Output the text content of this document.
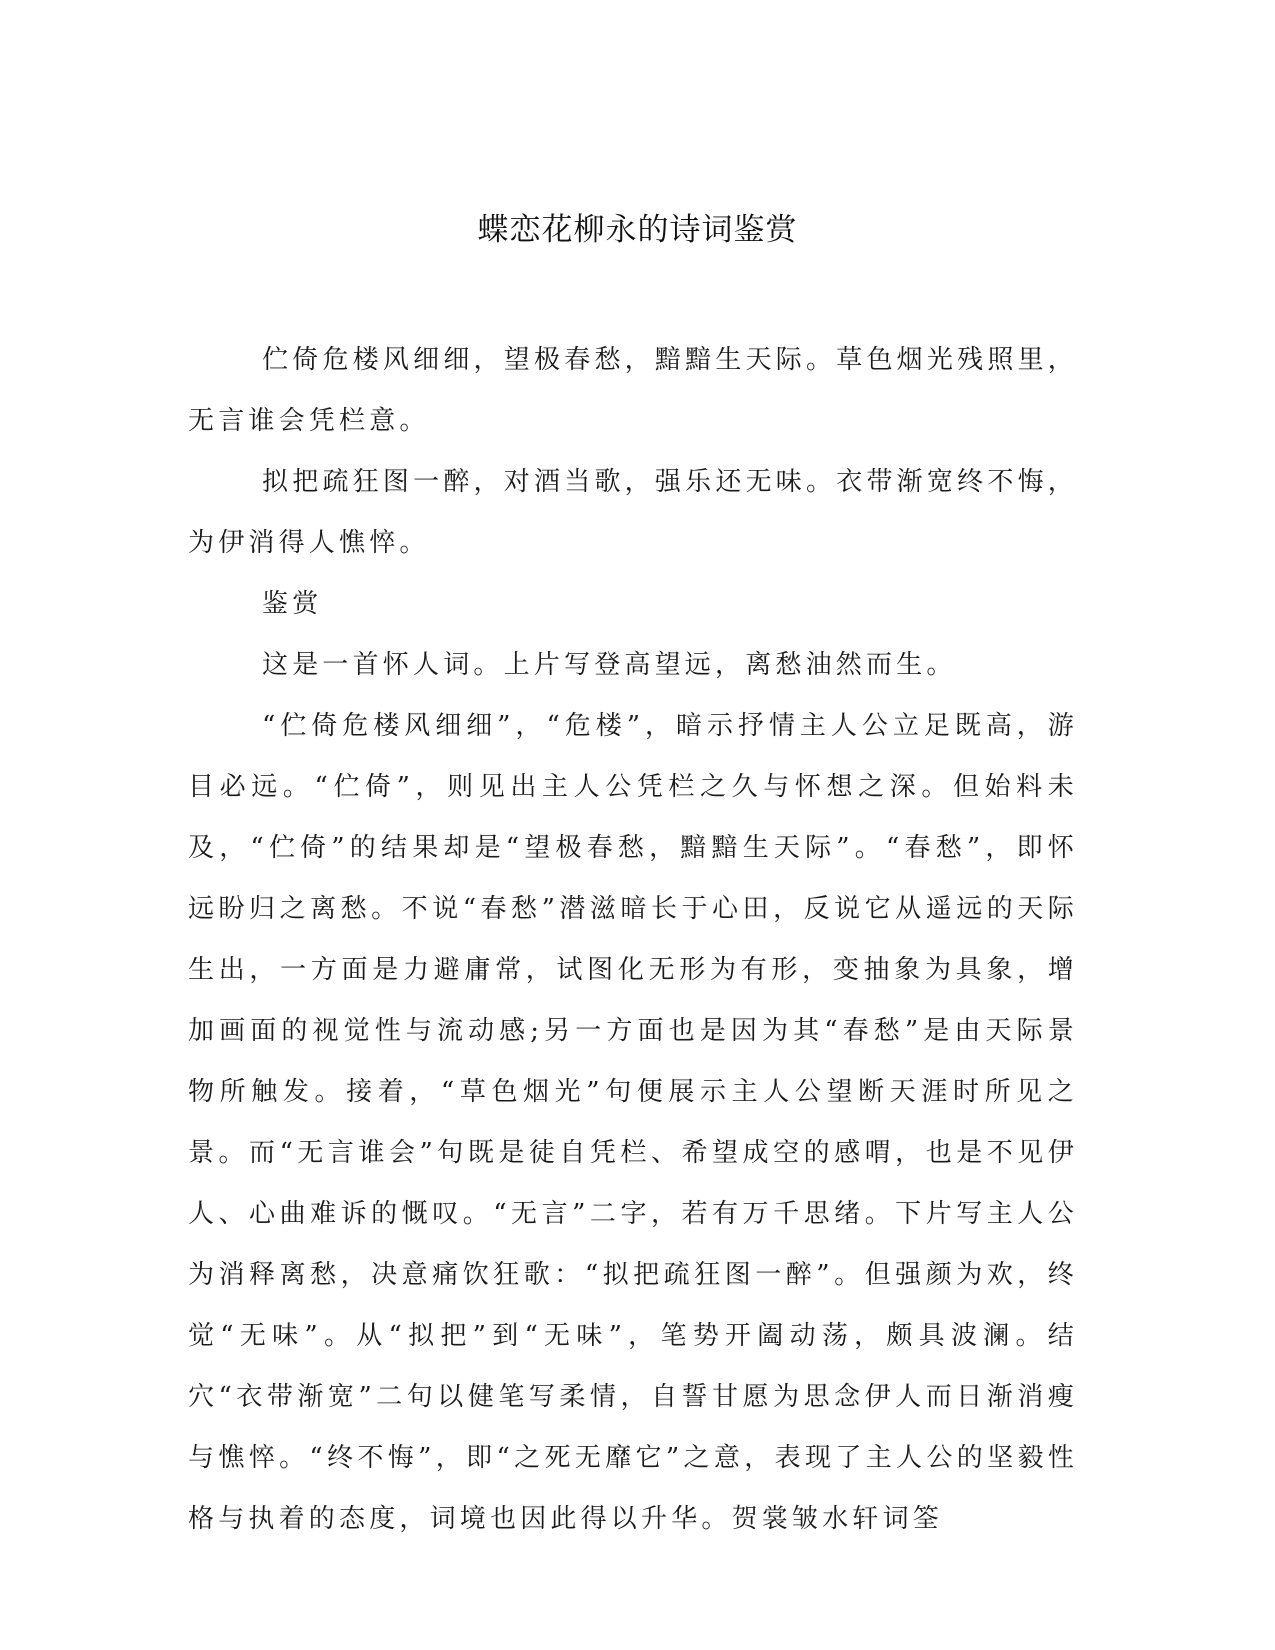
蝶恋花柳永的诗词鉴赏

伫倚危楼风细细，望极春愁，黯黯生天际。草色烟光残照里，无言谁会凭栏意。

拟把疏狂图一醉，对酒当歌，强乐还无味。衣带渐宽终不悔，为伊消得人憔悴。

鉴赏

这是一首怀人词。上片写登高望远，离愁油然而生。

“伫倚危楼风细细”，“危楼”，暗示抒情主人公立足既高，游目必远。“伫倚”，则见出主人公凭栏之久与怀想之深。但始料未及，“伫倚”的结果却是“望极春愁，黯黯生天际”。“春愁”，即怀远盼归之离愁。不说“春愁”潜滋暗长于心田，反说它从遥远的天际生出，一方面是力避庸常，试图化无形为有形，变抽象为具象，增加画面的视觉性与流动感;另一方面也是因为其“春愁”是由天际景物所触发。接着，“草色烟光”句便展示主人公望断天涯时所见之景。而“无言谁会”句既是徒自凭栏、希望成空的感喟，也是不见伊人、心曲难诉的慨叹。“无言”二字，若有万千思绪。下片写主人公为消释离愁，决意痛饮狂歌：“拟把疏狂图一醉”。但强颜为欢，终觉“无味”。从“拟把”到“无味”，笔势开阖动荡，颇具波澜。结穴“衣带渐宽”二句以健笔写柔情，自誓甘愿为思念伊人而日渐消瘦与憔悴。“终不悔”，即“之死无靡它”之意，表现了主人公的坚毅性格与执着的态度，词境也因此得以升华。贺裳皱水轩词筌
